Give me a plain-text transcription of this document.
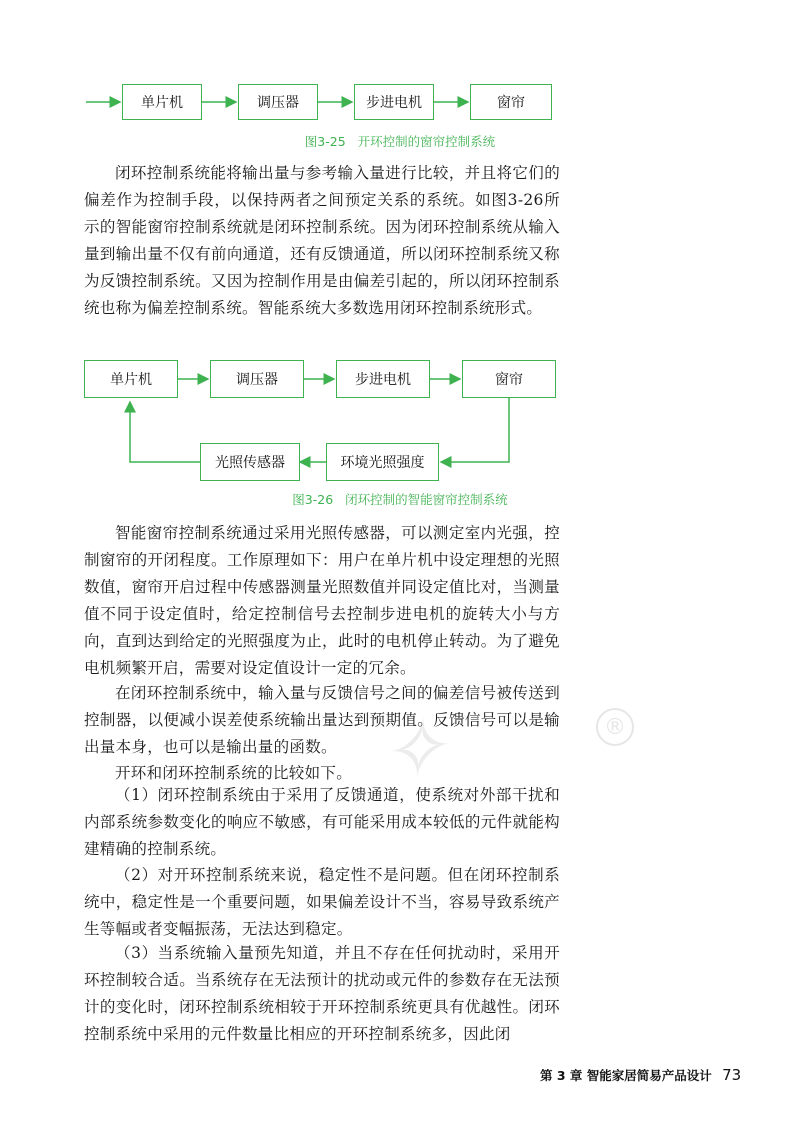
单片机	调压器	步进电机	窗帘
图3-25 开环控制的窗帘控制系统

闭环控制系统能将输出量与参考输入量进行比较，并且将它们的偏差作为控制手段，以保持两者之间预定关系的系统。如图3-26所示的智能窗帘控制系统就是闭环控制系统。因为闭环控制系统从输入量到输出量不仅有前向通道，还有反馈通道，所以闭环控制系统又称为反馈控制系统。又因为控制作用是由偏差引起的，所以闭环控制系统也称为偏差控制系统。智能系统大多数选用闭环控制系统形式。

单片机	调压器	步进电机	窗帘
光照传感器	环境光照强度
图3-26 闭环控制的智能窗帘控制系统
✧	®

智能窗帘控制系统通过采用光照传感器，可以测定室内光强，控制窗帘的开闭程度。工作原理如下：用户在单片机中设定理想的光照数值，窗帘开启过程中传感器测量光照数值并同设定值比对，当测量值不同于设定值时，给定控制信号去控制步进电机的旋转大小与方向，直到达到给定的光照强度为止，此时的电机停止转动。为了避免电机频繁开启，需要对设定值设计一定的冗余。

在闭环控制系统中，输入量与反馈信号之间的偏差信号被传送到控制器，以便减小误差使系统输出量达到预期值。反馈信号可以是输出量本身，也可以是输出量的函数。

开环和闭环控制系统的比较如下。

（1）闭环控制系统由于采用了反馈通道，使系统对外部干扰和内部系统参数变化的响应不敏感，有可能采用成本较低的元件就能构建精确的控制系统。

（2）对开环控制系统来说，稳定性不是问题。但在闭环控制系统中，稳定性是一个重要问题，如果偏差设计不当，容易导致系统产生等幅或者变幅振荡，无法达到稳定。

（3）当系统输入量预先知道，并且不存在任何扰动时，采用开环控制较合适。当系统存在无法预计的扰动或元件的参数存在无法预计的变化时，闭环控制系统相较于开环控制系统更具有优越性。闭环控制系统中采用的元件数量比相应的开环控制系统多，因此闭

第 3 章 智能家居简易产品设计 73
